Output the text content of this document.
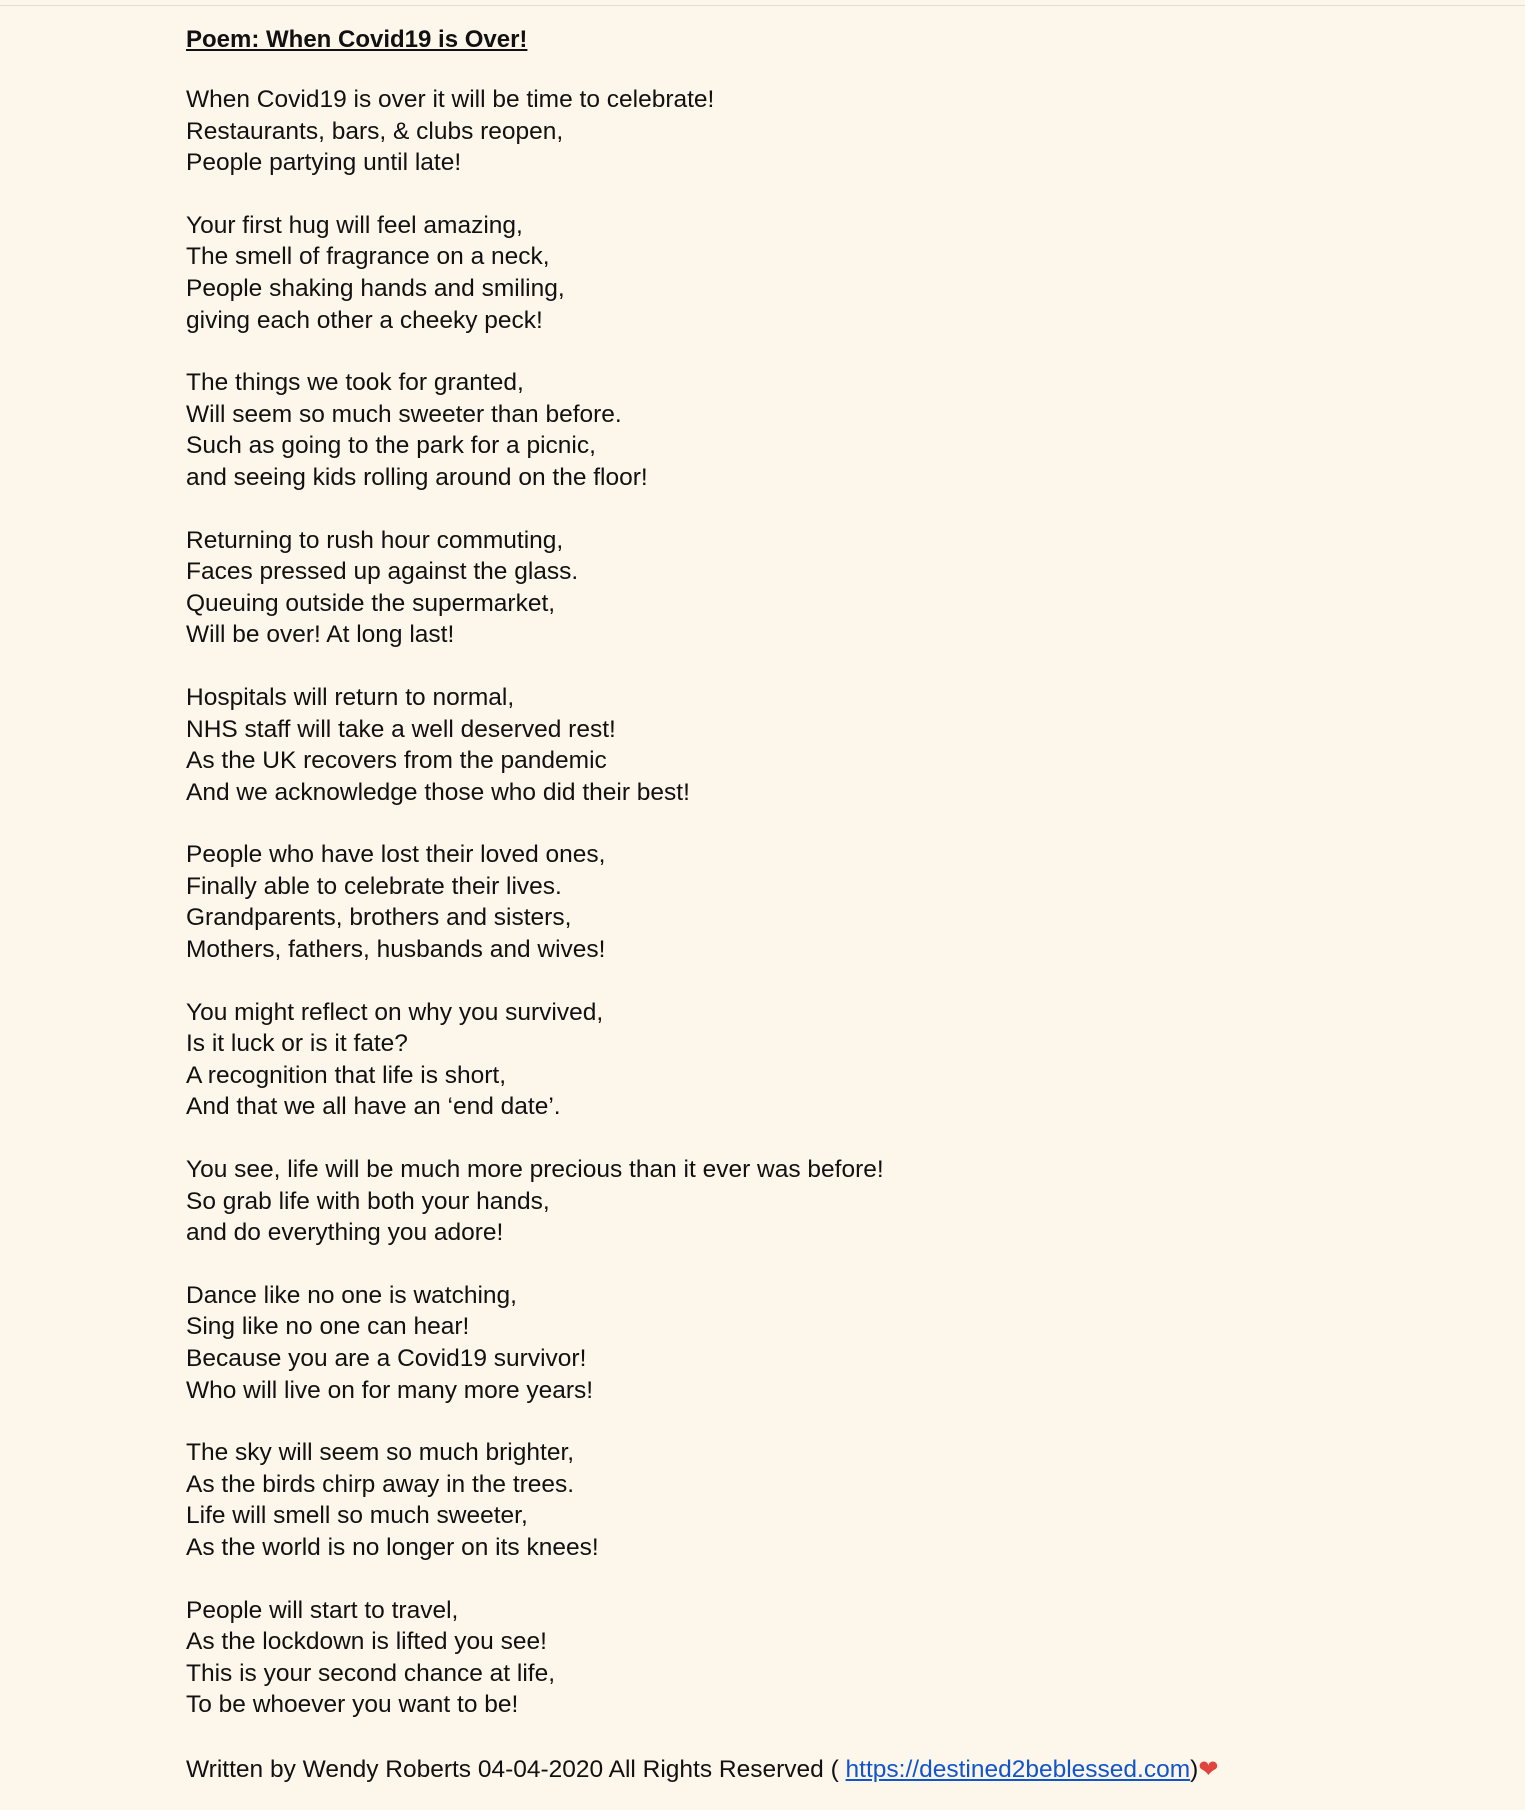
Poem: When Covid19 is Over!
When Covid19 is over it will be time to celebrate!
Restaurants, bars, & clubs reopen,
People partying until late!
Your first hug will feel amazing,
The smell of fragrance on a neck,
People shaking hands and smiling,
giving each other a cheeky peck!
The things we took for granted,
Will seem so much sweeter than before.
Such as going to the park for a picnic,
and seeing kids rolling around on the floor!
Returning to rush hour commuting,
Faces pressed up against the glass.
Queuing outside the supermarket,
Will be over! At long last!
Hospitals will return to normal,
NHS staff will take a well deserved rest!
As the UK recovers from the pandemic
And we acknowledge those who did their best!
People who have lost their loved ones,
Finally able to celebrate their lives.
Grandparents, brothers and sisters,
Mothers, fathers, husbands and wives!
You might reflect on why you survived,
Is it luck or is it fate?
A recognition that life is short,
And that we all have an ‘end date’.
You see, life will be much more precious than it ever was before!
So grab life with both your hands,
and do everything you adore!
Dance like no one is watching,
Sing like no one can hear!
Because you are a Covid19 survivor!
Who will live on for many more years!
The sky will seem so much brighter,
As the birds chirp away in the trees.
Life will smell so much sweeter,
As the world is no longer on its knees!
People will start to travel,
As the lockdown is lifted you see!
This is your second chance at life,
To be whoever you want to be!
Written by Wendy Roberts 04-04-2020 All Rights Reserved ( https://destined2beblessed.com)❤
